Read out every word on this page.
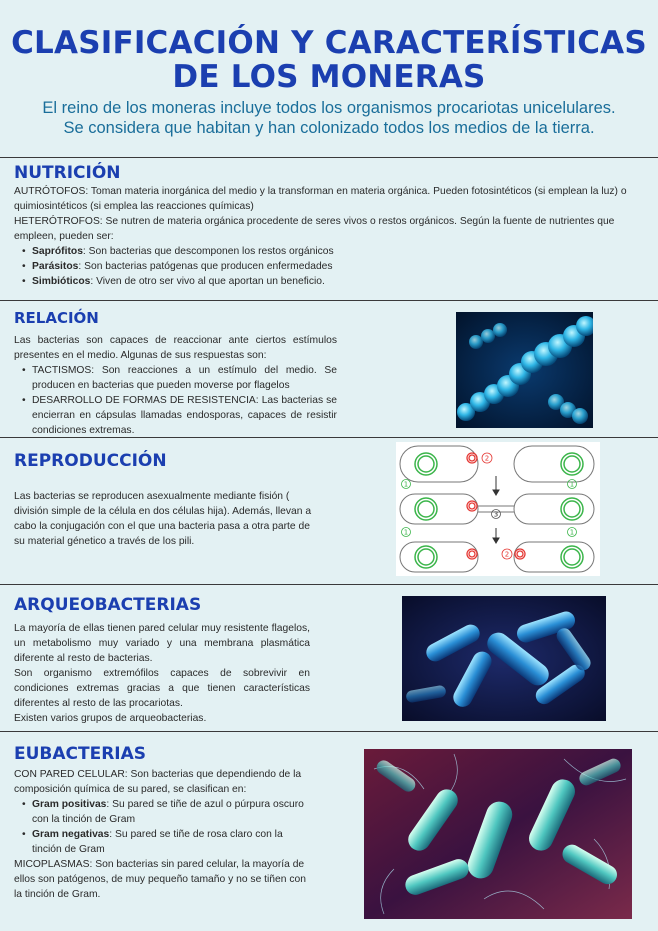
CLASIFICACIÓN Y CARACTERÍSTICAS
DE LOS MONERAS
El reino de los moneras incluye todos los organismos procariotas unicelulares.
Se considera que habitan y han colonizado todos los medios de la tierra.
NUTRICIÓN

AUTRÓTOFOS: Toman materia inorgánica del medio y la transforman en materia orgánica. Pueden fotosintéticos (si emplean la luz) o quimiosintéticos (si emplea las reacciones químicas)

HETERÓTROFOS: Se nutren de materia orgánica procedente de seres vivos o restos orgánicos. Según la fuente de nutrientes que empleen, pueden ser:

• Saprófitos: Son bacterias que descomponen los restos orgánicos
• Parásitos: Son bacterias patógenas que producen enfermedades
• Simbióticos: Viven de otro ser vivo al que aportan un beneficio.
RELACIÓN

Las bacterias son capaces de reaccionar ante ciertos estímulos presentes en el medio. Algunas de sus respuestas son:

• TACTISMOS: Son reacciones a un estímulo del medio. Se producen en bacterias que pueden moverse por flagelos
• DESARROLLO DE FORMAS DE RESISTENCIA: Las bacterias se encierran en cápsulas llamadas endosporas, capaces de resistir condiciones extremas.
REPRODUCCIÓN
Las bacterias se reproducen asexualmente mediante fisión ( división simple de la célula en dos células hija). Además, llevan a cabo la conjugación con el que una bacteria pasa a otra parte de su material génetico a través de los pili.
2
2
1	1
1	1
3
ARQUEOBACTERIAS

La mayoría de ellas tienen pared celular muy resistente flagelos, un metabolismo muy variado y una membrana plasmática diferente al resto de bacterias.

Son organismo extremófilos capaces de sobrevivir en condiciones extremas gracias a que tienen características diferentes al resto de las procariotas.

Existen varios grupos de arqueobacterias.

EUBACTERIAS

CON PARED CELULAR: Son bacterias que dependiendo de la composición química de su pared, se clasifican en:

• Gram positivas: Su pared se tiñe de azul o púrpura oscuro con la tinción de Gram
• Gram negativas: Su pared se tiñe de rosa claro con la tinción de Gram

MICOPLASMAS: Son bacterias sin pared celular, la mayoría de ellos son patógenos, de muy pequeño tamaño y no se tiñen con la tinción de Gram.
